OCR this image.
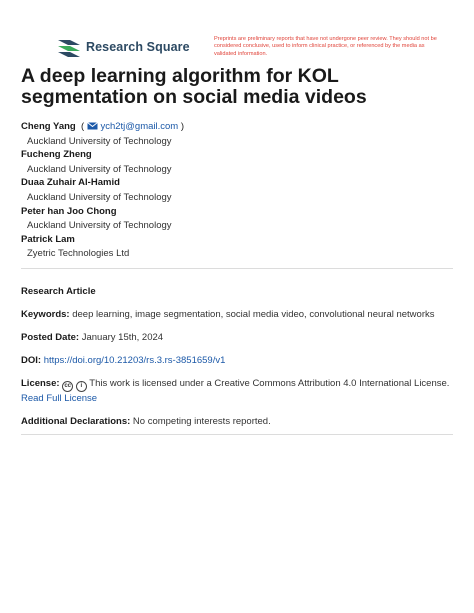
Research Square
Preprints are preliminary reports that have not undergone peer review. They should not be considered conclusive, used to inform clinical practice, or referenced by the media as validated information.
A deep learning algorithm for KOL segmentation on social media videos
Cheng Yang  (  ych2tj@gmail.com )
Auckland University of Technology
Fucheng Zheng
Auckland University of Technology
Duaa Zuhair Al-Hamid
Auckland University of Technology
Peter han Joo Chong
Auckland University of Technology
Patrick Lam
Zyetric Technologies Ltd
Research Article
Keywords: deep learning, image segmentation, social media video, convolutional neural networks
Posted Date: January 15th, 2024
DOI: https://doi.org/10.21203/rs.3.rs-3851659/v1
License: cc i This work is licensed under a Creative Commons Attribution 4.0 International License.
Read Full License
Additional Declarations: No competing interests reported.
